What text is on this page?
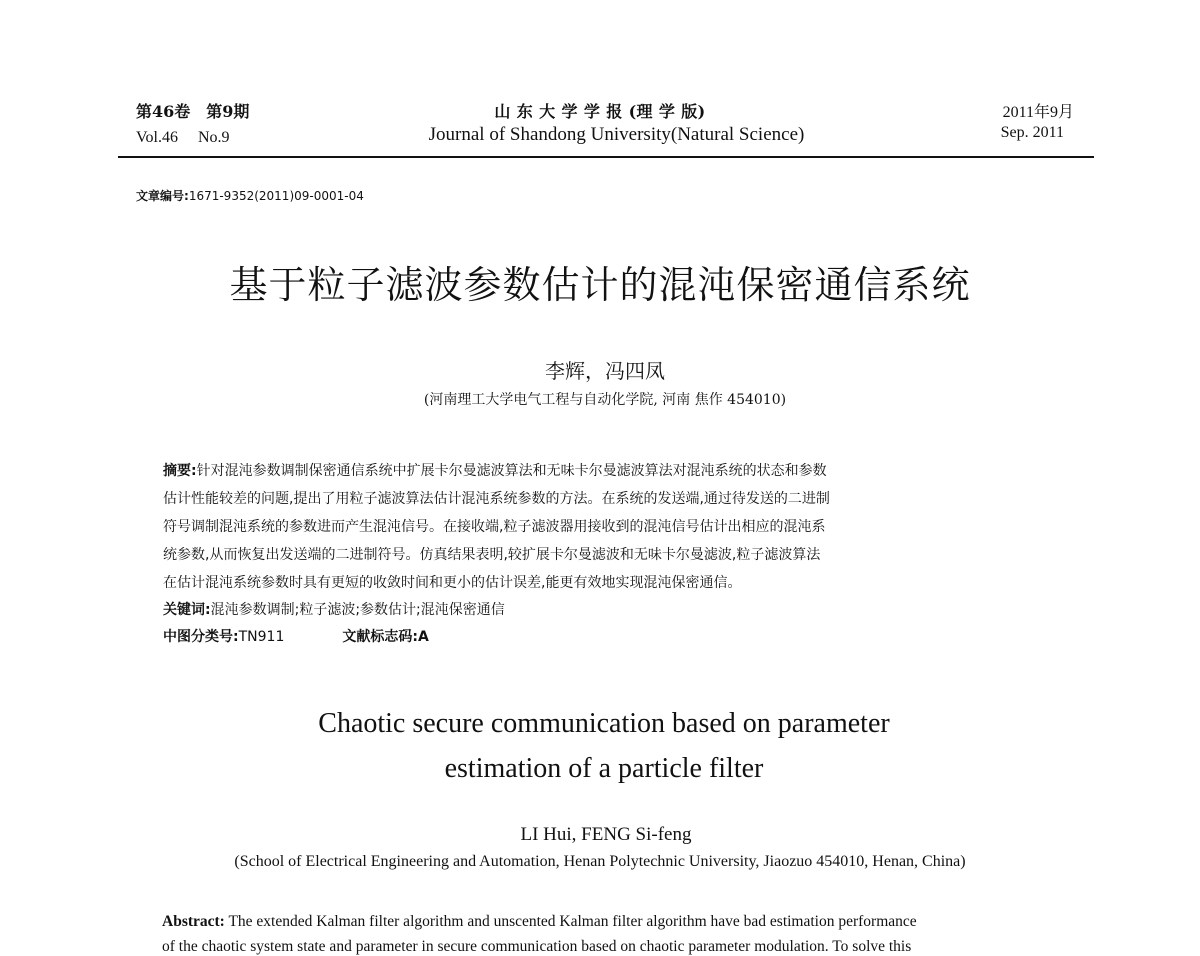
第46卷　第9期
Vol.46　 No.9
山 东 大 学 学 报 (理 学 版)
Journal of Shandong University(Natural Science)
2011年9月
Sep. 2011
文章编号:1671-9352(2011)09-0001-04
基于粒子滤波参数估计的混沌保密通信系统
李辉，冯四凤
(河南理工大学电气工程与自动化学院, 河南 焦作 454010)
摘要:针对混沌参数调制保密通信系统中扩展卡尔曼滤波算法和无味卡尔曼滤波算法对混沌系统的状态和参数
估计性能较差的问题,提出了用粒子滤波算法估计混沌系统参数的方法。在系统的发送端,通过待发送的二进制
符号调制混沌系统的参数进而产生混沌信号。在接收端,粒子滤波器用接收到的混沌信号估计出相应的混沌系
统参数,从而恢复出发送端的二进制符号。仿真结果表明,较扩展卡尔曼滤波和无味卡尔曼滤波,粒子滤波算法
在估计混沌系统参数时具有更短的收敛时间和更小的估计误差,能更有效地实现混沌保密通信。
关键词:混沌参数调制;粒子滤波;参数估计;混沌保密通信
中图分类号:TN911	文献标志码:A
Chaotic secure communication based on parameter
estimation of a particle filter
LI Hui, FENG Si-feng
(School of Electrical Engineering and Automation, Henan Polytechnic University, Jiaozuo 454010, Henan, China)
Abstract: The extended Kalman filter algorithm and unscented Kalman filter algorithm have bad estimation performance
of the chaotic system state and parameter in secure communication based on chaotic parameter modulation. To solve this
